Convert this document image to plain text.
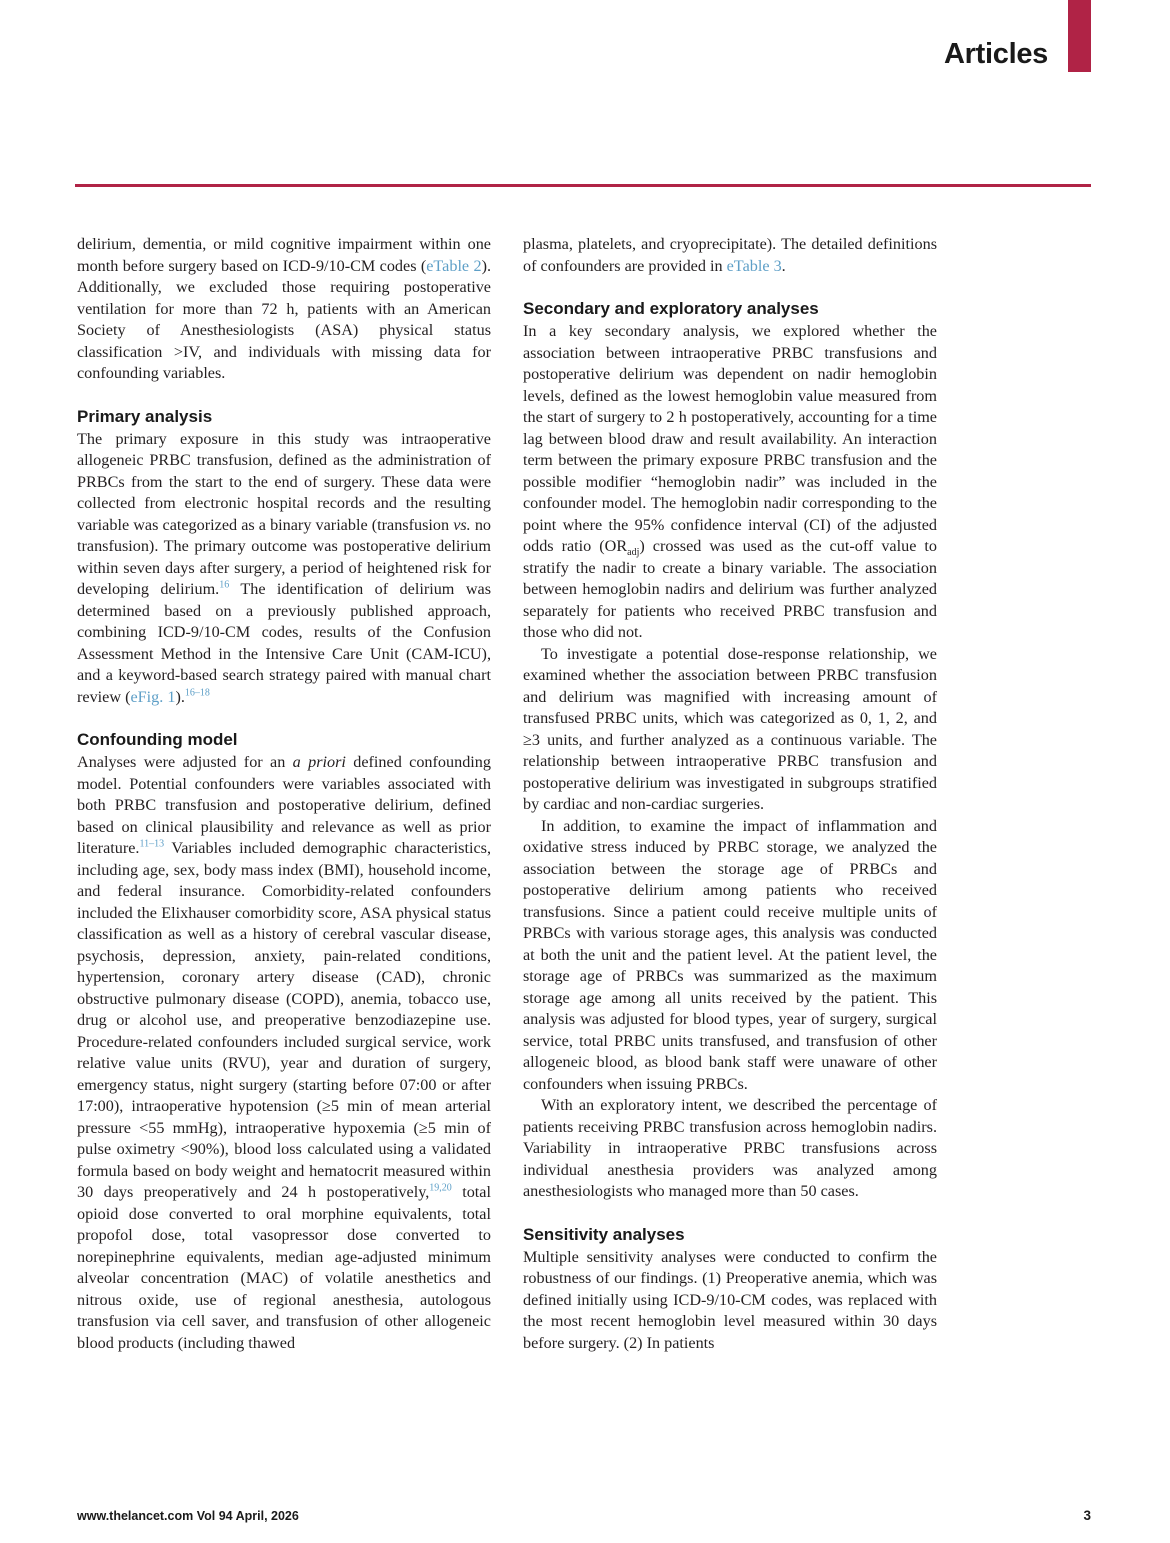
Articles

delirium, dementia, or mild cognitive impairment within one month before surgery based on ICD-9/10-CM codes (eTable 2). Additionally, we excluded those requiring postoperative ventilation for more than 72 h, patients with an American Society of Anesthesiologists (ASA) physical status classification >IV, and individuals with missing data for confounding variables.

Primary analysis

The primary exposure in this study was intraoperative allogeneic PRBC transfusion, defined as the administration of PRBCs from the start to the end of surgery. These data were collected from electronic hospital records and the resulting variable was categorized as a binary variable (transfusion vs. no transfusion). The primary outcome was postoperative delirium within seven days after surgery, a period of heightened risk for developing delirium.$^{16}$ The identification of delirium was determined based on a previously published approach, combining ICD-9/10-CM codes, results of the Confusion Assessment Method in the Intensive Care Unit (CAM-ICU), and a keyword-based search strategy paired with manual chart review (eFig. 1).$^{16-18}$

Confounding model

Analyses were adjusted for an a priori defined confounding model. Potential confounders were variables associated with both PRBC transfusion and postoperative delirium, defined based on clinical plausibility and relevance as well as prior literature.$^{11-13}$ Variables included demographic characteristics, including age, sex, body mass index (BMI), household income, and federal insurance. Comorbidity-related confounders included the Elixhauser comorbidity score, ASA physical status classification as well as a history of cerebral vascular disease, psychosis, depression, anxiety, pain-related conditions, hypertension, coronary artery disease (CAD), chronic obstructive pulmonary disease (COPD), anemia, tobacco use, drug or alcohol use, and preoperative benzodiazepine use. Procedure-related confounders included surgical service, work relative value units (RVU), year and duration of surgery, emergency status, night surgery (starting before 07:00 or after 17:00), intraoperative hypotension (≥5 min of mean arterial pressure <55 mmHg), intraoperative hypoxemia (≥5 min of pulse oximetry <90%), blood loss calculated using a validated formula based on body weight and hematocrit measured within 30 days preoperatively and 24 h postoperatively,$^{19,20}$ total opioid dose converted to oral morphine equivalents, total propofol dose, total vasopressor dose converted to norepinephrine equivalents, median age-adjusted minimum alveolar concentration (MAC) of volatile anesthetics and nitrous oxide, use of regional anesthesia, autologous transfusion via cell saver, and transfusion of other allogeneic blood products (including thawed

plasma, platelets, and cryoprecipitate). The detailed definitions of confounders are provided in eTable 3.

Secondary and exploratory analyses

In a key secondary analysis, we explored whether the association between intraoperative PRBC transfusions and postoperative delirium was dependent on nadir hemoglobin levels, defined as the lowest hemoglobin value measured from the start of surgery to 2 h postoperatively, accounting for a time lag between blood draw and result availability. An interaction term between the primary exposure PRBC transfusion and the possible modifier “hemoglobin nadir” was included in the confounder model. The hemoglobin nadir corresponding to the point where the 95% confidence interval (CI) of the adjusted odds ratio $(OR_{adj})$ crossed was used as the cut-off value to stratify the nadir to create a binary variable. The association between hemoglobin nadirs and delirium was further analyzed separately for patients who received PRBC transfusion and those who did not.

To investigate a potential dose-response relationship, we examined whether the association between PRBC transfusion and delirium was magnified with increasing amount of transfused PRBC units, which was categorized as 0, 1, 2, and ≥3 units, and further analyzed as a continuous variable. The relationship between intraoperative PRBC transfusion and postoperative delirium was investigated in subgroups stratified by cardiac and non-cardiac surgeries.

In addition, to examine the impact of inflammation and oxidative stress induced by PRBC storage, we analyzed the association between the storage age of PRBCs and postoperative delirium among patients who received transfusions. Since a patient could receive multiple units of PRBCs with various storage ages, this analysis was conducted at both the unit and the patient level. At the patient level, the storage age of PRBCs was summarized as the maximum storage age among all units received by the patient. This analysis was adjusted for blood types, year of surgery, surgical service, total PRBC units transfused, and transfusion of other allogeneic blood, as blood bank staff were unaware of other confounders when issuing PRBCs.

With an exploratory intent, we described the percentage of patients receiving PRBC transfusion across hemoglobin nadirs. Variability in intraoperative PRBC transfusions across individual anesthesia providers was analyzed among anesthesiologists who managed more than 50 cases.

Sensitivity analyses

Multiple sensitivity analyses were conducted to confirm the robustness of our findings. (1) Preoperative anemia, which was defined initially using ICD-9/10-CM codes, was replaced with the most recent hemoglobin level measured within 30 days before surgery. (2) In patients

www.thelancet.com Vol 94 April, 2026	3
